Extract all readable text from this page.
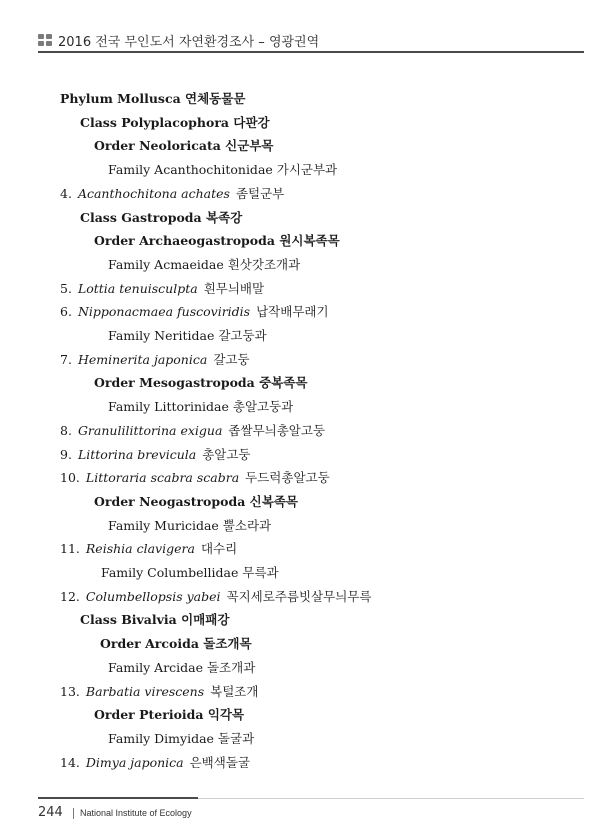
2016 전국 무인도서 자연환경조사 – 영광권역
Phylum Mollusca 연체동물문
Class Polyplacophora 다판강
Order Neoloricata 신군부목
Family Acanthochitonidae 가시군부과
4. Acanthochitona achates 좀털군부
Class Gastropoda 복족강
Order Archaeogastropoda 원시복족목
Family Acmaeidae 흰삿갓조개과
5. Lottia tenuisculpta 흰무늬배말
6. Nipponacmaea fuscoviridis 납작배무래기
Family Neritidae 갈고둥과
7. Heminerita japonica 갈고둥
Order Mesogastropoda 중복족목
Family Littorinidae 총알고둥과
8. Granulilittorina exigua 좁쌀무늬총알고둥
9. Littorina brevicula 총알고둥
10. Littoraria scabra scabra 두드럭총알고둥
Order Neogastropoda 신복족목
Family Muricidae 뿔소라과
11. Reishia clavigera 대수리
Family Columbellidae 무륵과
12. Columbellopsis yabei 꼭지세로주름빗살무늬무륵
Class Bivalvia 이매패강
Order Arcoida 돌조개목
Family Arcidae 돌조개과
13. Barbatia virescens 복털조개
Order Pterioida 익각목
Family Dimyidae 돌굴과
14. Dimya japonica 은백색돌굴
244 National Institute of Ecology
